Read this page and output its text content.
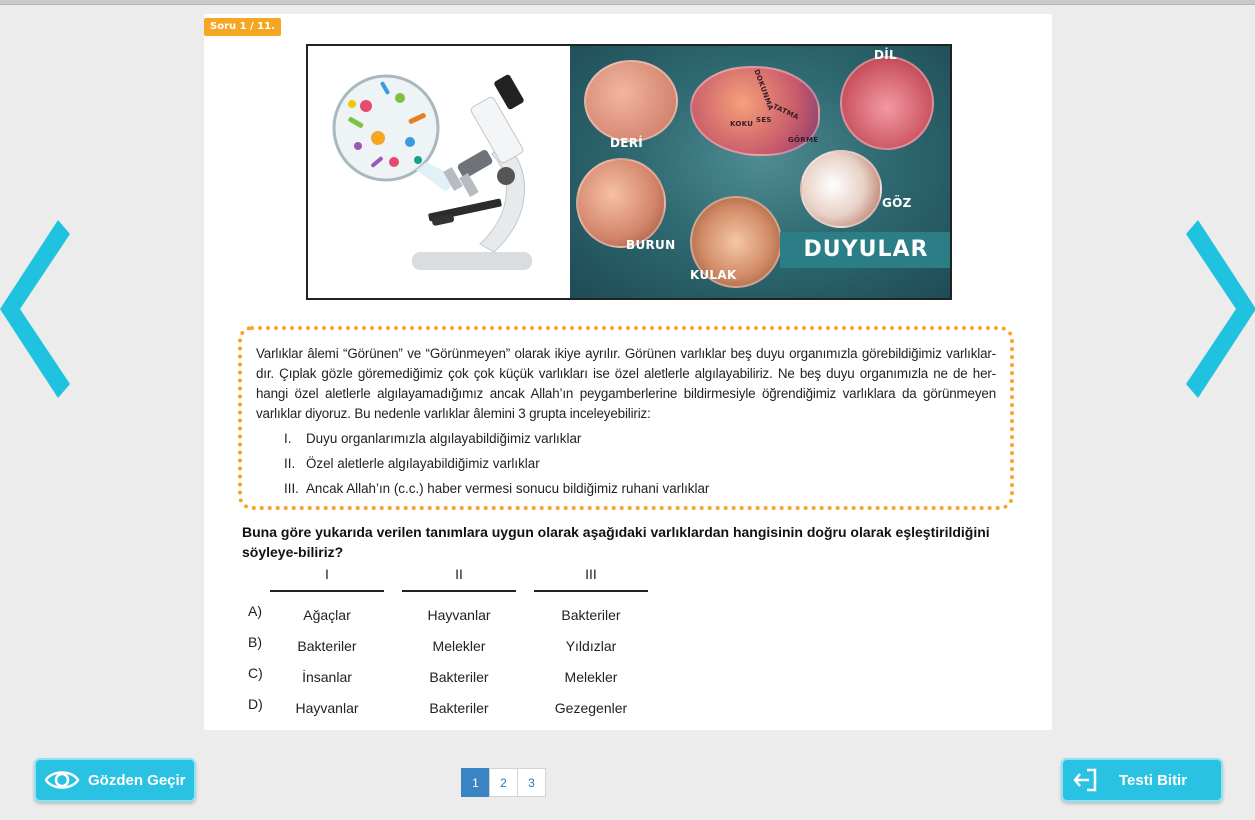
Soru 1 / 11.
DERİ
DİL
BURUN
KULAK
GÖZ
DOKUNMA
TATMA
KOKU SES
GÖRME
DUYULAR

Varlıklar âlemi “Görünen” ve “Görünmeyen” olarak ikiye ayrılır. Görünen varlıklar beş duyu organımızla görebildiğimiz varlıklar-dır. Çıplak gözle göremediğimiz çok çok küçük varlıkları ise özel aletlerle algılayabiliriz. Ne beş duyu organımızla ne de her-hangi özel aletlerle algılayamadığımız ancak Allah’ın peygamberlerine bildirmesiyle öğrendiğimiz varlıklara da görünmeyen varlıklar diyoruz. Bu nedenle varlıklar âlemini 3 grupta inceleyebiliriz:

I.	Duyu organlarımızla algılayabildiğimiz varlıklar
II. Özel aletlerle algılayabildiğimiz varlıklar
III. Ancak Allah’ın (c.c.) haber vermesi sonucu bildiğimiz ruhani varlıklar
Buna göre yukarıda verilen tanımlara uygun olarak aşağıdaki varlıklardan hangisinin doğru olarak eşleştirildiğini söyleye-biliriz?
I	II	III
A)	Ağaçlar	Hayvanlar	Bakteriler
B)	Bakteriler	Melekler	Yıldızlar
C)	İnsanlar	Bakteriler	Melekler
D)	Hayvanlar	Bakteriler	Gezegenler
Gözden Geçir	1	2	3	Testi Bitir
